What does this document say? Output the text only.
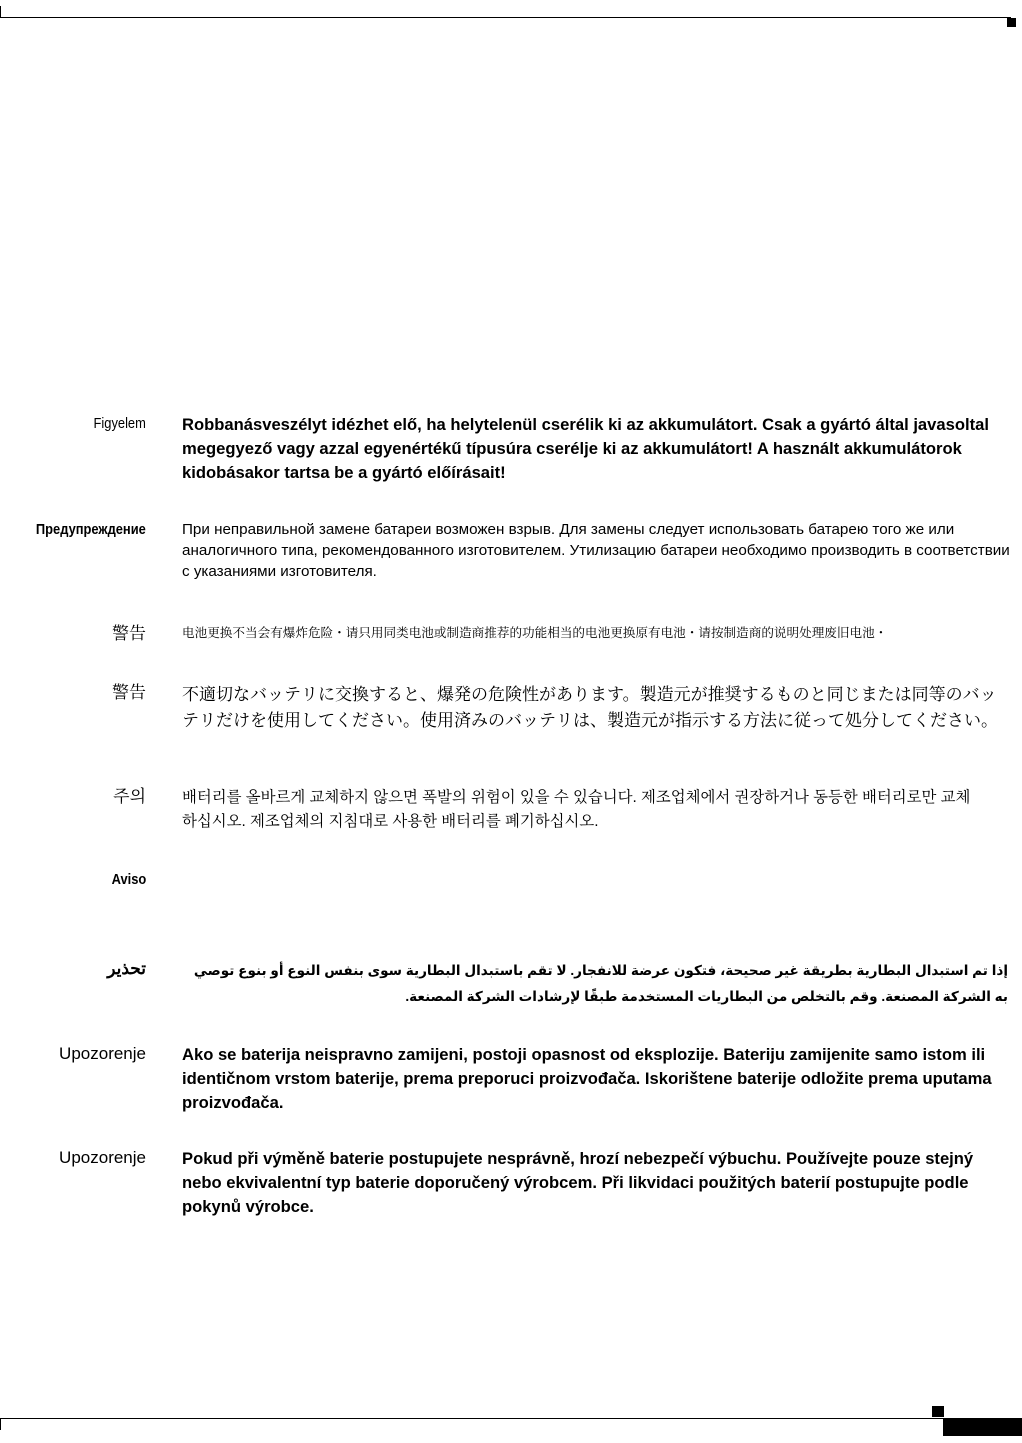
Figyelem Robbanásveszélyt idézhet elő, ha helytelenül cserélik ki az akkumulátort. Csak a gyártó által javasoltal megegyező vagy azzal egyenértékű típusúra cserélje ki az akkumulátort! A használt akkumulátorok kidobásakor tartsa be a gyártó előírásait!
Предупреждение При неправильной замене батареи возможен взрыв. Для замены следует использовать батарею того же или аналогичного типа, рекомендованного изготовителем. Утилизацию батареи необходимо производить в соответствии с указаниями изготовителя.
警告	电池更换不当会有爆炸危险・请只用同类电池或制造商推荐的功能相当的电池更换原有电池・请按制造商的说明处理废旧电池・
警告 不適切なバッテリに交換すると、爆発の危険性があります。製造元が推奨するものと同じまたは同等のバッテリだけを使用してください。使用済みのバッテリは、製造元が指示する方法に従って処分してください。
주의 배터리를 올바르게 교체하지 않으면 폭발의 위험이 있을 수 있습니다. 제조업체에서 권장하거나 동등한 배터리로만 교체하십시오. 제조업체의 지침대로 사용한 배터리를 폐기하십시오.
Aviso
تحذير	إذا تم استبدال البطارية بطريقة غير صحيحة، فتكون عرضة للانفجار. لا تقم باستبدال البطارية سوى بنفس النوع أو بنوع توصي به الشركة المصنعة. وقم بالتخلص من البطاريات المستخدمة طبقًا لإرشادات الشركة المصنعة.
Upozorenje Ako se baterija neispravno zamijeni, postoji opasnost od eksplozije. Bateriju zamijenite samo istom ili identičnom vrstom baterije, prema preporuci proizvođača. Iskorištene baterije odložite prema uputama proizvođača.
Upozorenje Pokud při výměně baterie postupujete nesprávně, hrozí nebezpečí výbuchu. Používejte pouze stejný nebo ekvivalentní typ baterie doporučený výrobcem. Při likvidaci použitých baterií postupujte podle pokynů výrobce.
